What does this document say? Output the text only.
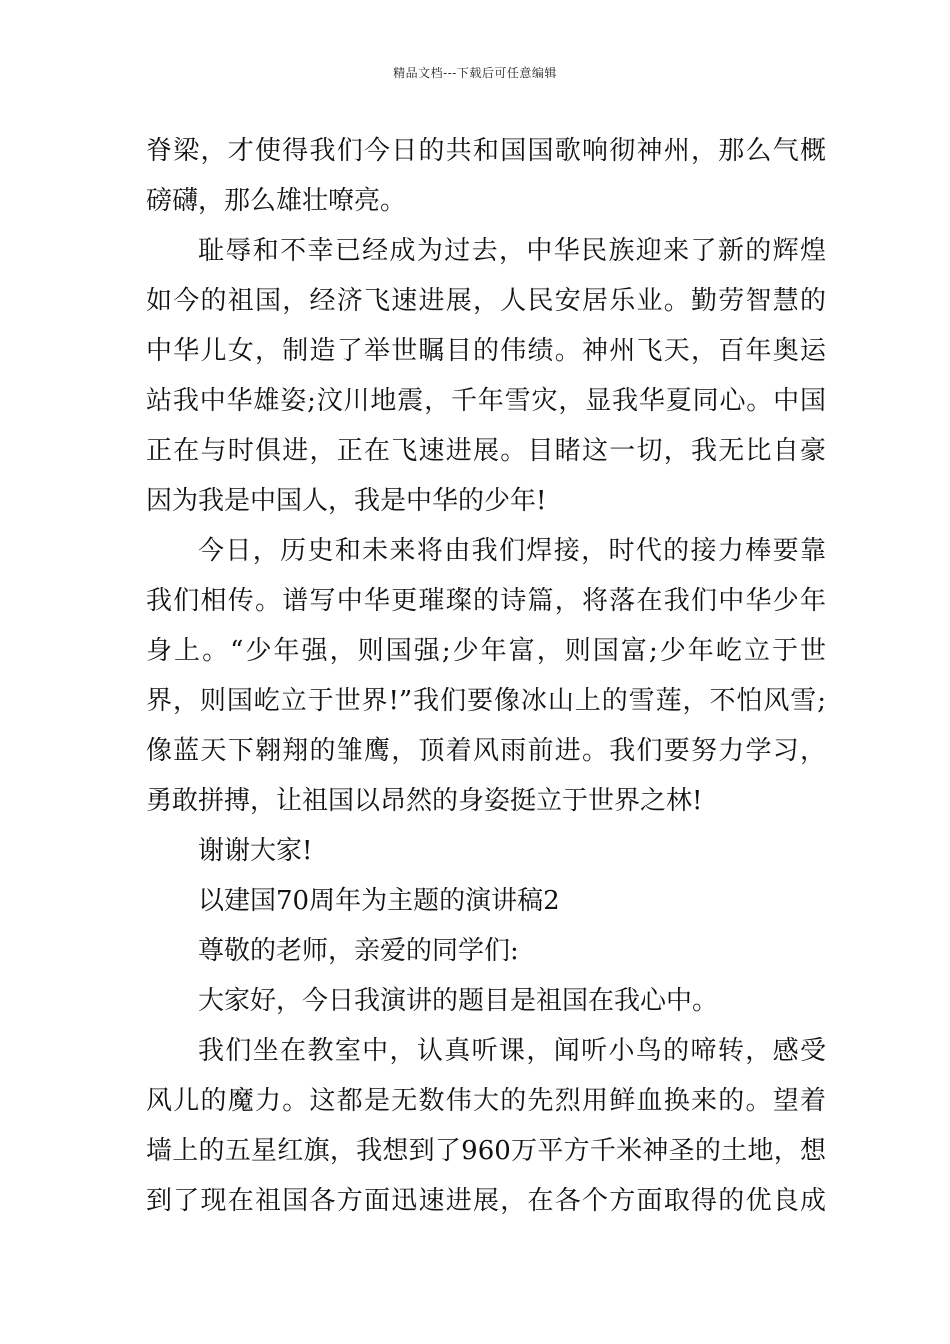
精品文档---下载后可任意编辑
脊梁，才使得我们今日的共和国国歌响彻神州，那么气概
磅礴，那么雄壮嘹亮。
耻辱和不幸已经成为过去，中华民族迎来了新的辉煌
如今的祖国，经济飞速进展，人民安居乐业。勤劳智慧的
中华儿女，制造了举世瞩目的伟绩。神州飞天，百年奥运
站我中华雄姿;汶川地震，千年雪灾，显我华夏同心。中国
正在与时俱进，正在飞速进展。目睹这一切，我无比自豪
因为我是中国人，我是中华的少年!
今日，历史和未来将由我们焊接，时代的接力棒要靠
我们相传。谱写中华更璀璨的诗篇，将落在我们中华少年
身上。“少年强，则国强;少年富，则国富;少年屹立于世
界，则国屹立于世界!”我们要像冰山上的雪莲，不怕风雪;
像蓝天下翱翔的雏鹰，顶着风雨前进。我们要努力学习，
勇敢拼搏，让祖国以昂然的身姿挺立于世界之林!
谢谢大家!
以建国70周年为主题的演讲稿2
尊敬的老师，亲爱的同学们:
大家好，今日我演讲的题目是祖国在我心中。
我们坐在教室中，认真听课，闻听小鸟的啼转，感受
风儿的魔力。这都是无数伟大的先烈用鲜血换来的。望着
墙上的五星红旗，我想到了960万平方千米神圣的土地，想
到了现在祖国各方面迅速进展，在各个方面取得的优良成
